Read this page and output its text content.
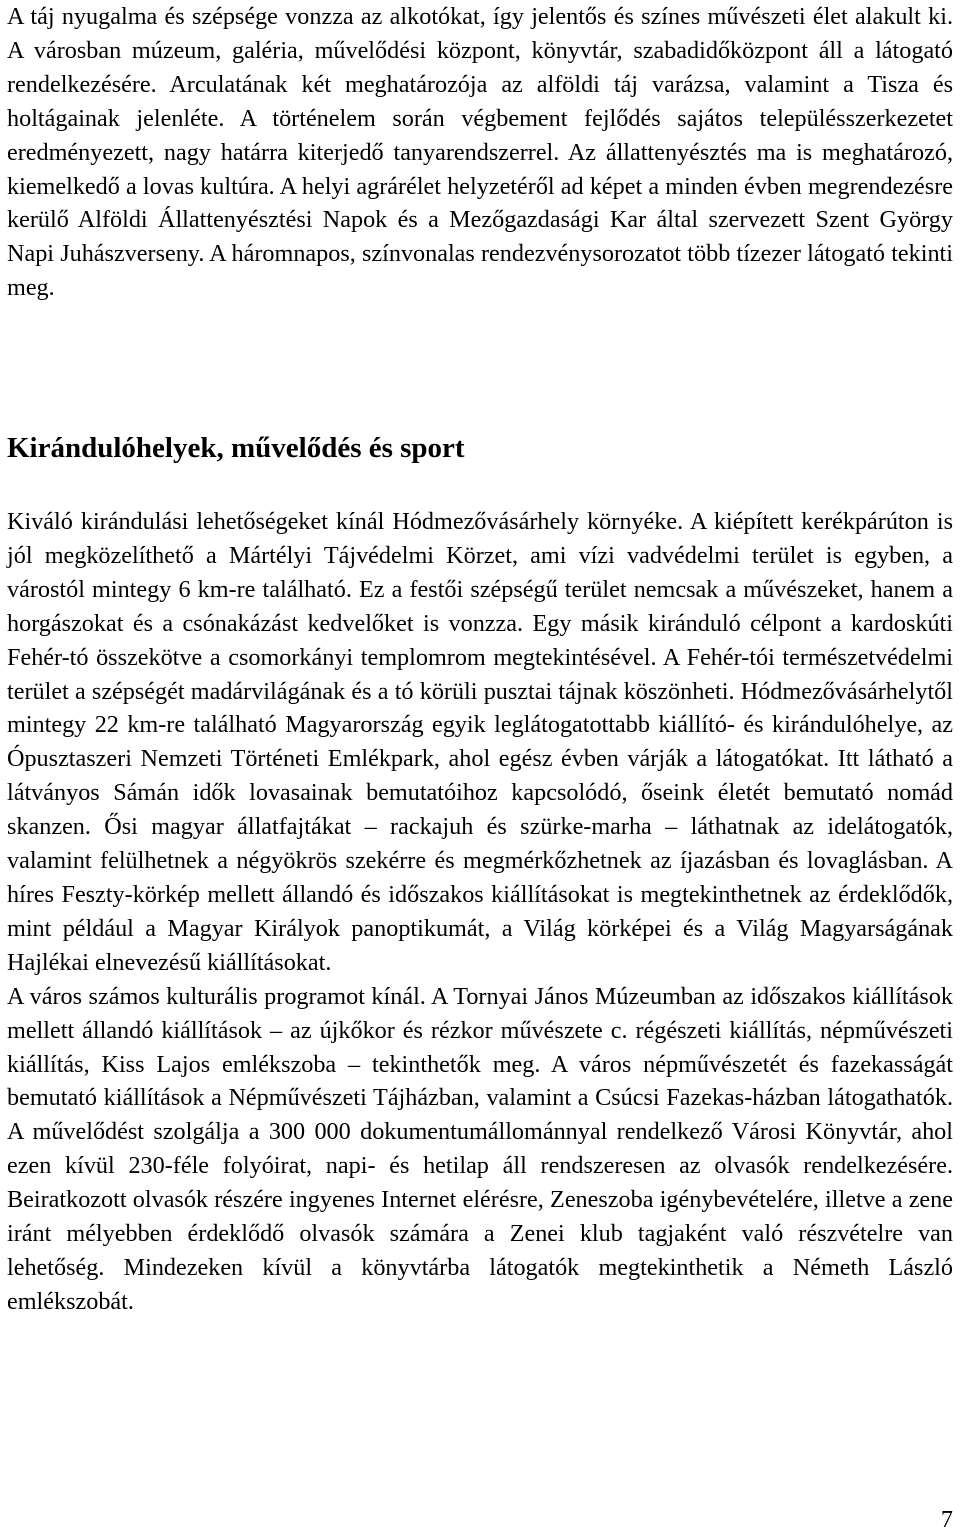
A táj nyugalma és szépsége vonzza az alkotókat, így jelentős és színes művészeti élet alakult ki. A városban múzeum, galéria, művelődési központ, könyvtár, szabadidőközpont áll a látogató rendelkezésére. Arculatának két meghatározója az alföldi táj varázsa, valamint a Tisza és holtágainak jelenléte. A történelem során végbement fejlődés sajátos településszerkezetet eredményezett, nagy határra kiterjedő tanyarendszerrel. Az állattenyésztés ma is meghatározó, kiemelkedő a lovas kultúra. A helyi agrárélet helyzetéről ad képet a minden évben megrendezésre kerülő Alföldi Állattenyésztési Napok és a Mezőgazdasági Kar által szervezett Szent György Napi Juhászverseny. A háromnapos, színvonalas rendezvénysorozatot több tízezer látogató tekinti meg.

Kirándulóhelyek, művelődés és sport

Kiváló kirándulási lehetőségeket kínál Hódmezővásárhely környéke. A kiépített kerékpárúton is jól megközelíthető a Mártélyi Tájvédelmi Körzet, ami vízi vadvédelmi terület is egyben, a várostól mintegy 6 km-re található. Ez a festői szépségű terület nemcsak a művészeket, hanem a horgászokat és a csónakázást kedvelőket is vonzza. Egy másik kiránduló célpont a kardoskúti Fehér-tó összekötve a csomorkányi templomrom megtekintésével. A Fehér-tói természetvédelmi terület a szépségét madárvilágának és a tó körüli pusztai tájnak köszönheti. Hódmezővásárhelytől mintegy 22 km-re található Magyarország egyik leglátogatottabb kiállító- és kirándulóhelye, az Ópusztaszeri Nemzeti Történeti Emlékpark, ahol egész évben várják a látogatókat. Itt látható a látványos Sámán idők lovasainak bemutatóihoz kapcsolódó, őseink életét bemutató nomád skanzen. Ősi magyar állatfajtákat – rackajuh és szürke-marha – láthatnak az idelátogatók, valamint felülhetnek a négyökrös szekérre és megmérkőzhetnek az íjazásban és lovaglásban. A híres Feszty-körkép mellett állandó és időszakos kiállításokat is megtekinthetnek az érdeklődők, mint például a Magyar Királyok panoptikumát, a Világ körképei és a Világ Magyarságának Hajlékai elnevezésű kiállításokat.

A város számos kulturális programot kínál. A Tornyai János Múzeumban az időszakos kiállítások mellett állandó kiállítások – az újkőkor és rézkor művészete c. régészeti kiállítás, népművészeti kiállítás, Kiss Lajos emlékszoba – tekinthetők meg. A város népművészetét és fazekasságát bemutató kiállítások a Népművészeti Tájházban, valamint a Csúcsi Fazekas-házban látogathatók. A művelődést szolgálja a 300 000 dokumentumállománnyal rendelkező Városi Könyvtár, ahol ezen kívül 230-féle folyóirat, napi- és hetilap áll rendszeresen az olvasók rendelkezésére. Beiratkozott olvasók részére ingyenes Internet elérésre, Zeneszoba igénybevételére, illetve a zene iránt mélyebben érdeklődő olvasók számára a Zenei klub tagjaként való részvételre van lehetőség. Mindezeken kívül a könyvtárba látogatók megtekinthetik a Németh László emlékszobát.

7
